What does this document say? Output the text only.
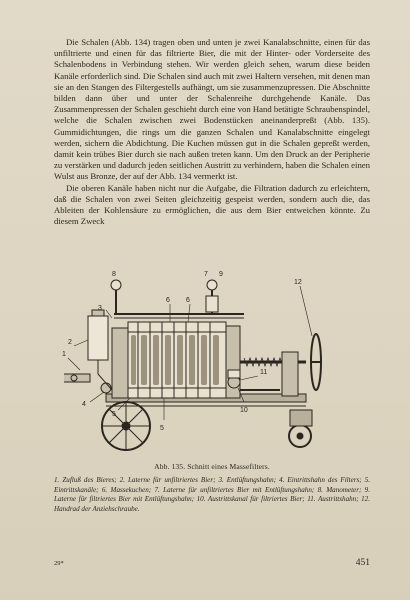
Die Schalen (Abb. 134) tragen oben und unten je zwei Kanalabschnitte, einen für das unfiltrierte und einen für das filtrierte Bier, die mit der Hinter- oder Vorderseite des Schalenbodens in Verbindung stehen. Wir werden gleich sehen, warum diese beiden Kanäle erforderlich sind. Die Schalen sind auch mit zwei Haltern versehen, mit denen man sie an den Stangen des Filtergestells aufhängt, um sie zusammenzupressen. Die Abschnitte bilden dann über und unter der Schalenreihe durchgehende Kanäle. Das Zusammenpressen der Schalen geschieht durch eine von Hand betätigte Schraubenspindel, welche die Schalen zwischen zwei Bodenstücken aneinanderpreßt (Abb. 135). Gummidichtungen, die rings um die ganzen Schalen und Kanalabschnitte eingelegt werden, sichern die Abdichtung. Die Kuchen müssen gut in die Schalen gepreßt werden, damit kein trübes Bier durch sie nach außen treten kann. Um den Druck an der Peripherie zu verstärken und dadurch jeden seitlichen Austritt zu verhindern, haben die Schalen einen Wulst aus Bronze, der auf der Abb. 134 vermerkt ist.

Die oberen Kanäle haben nicht nur die Aufgabe, die Filtration dadurch zu erleichtern, daß die Schalen von zwei Seiten gleichzeitig gespeist werden, sondern auch die, das Ableiten der Kohlensäure zu ermöglichen, die aus dem Bier entweichen könnte. Zu diesem Zweck

1
2
3
4
5
6
7
8	9
10
11
12
5
6
Abb. 135. Schnitt eines Massefilters.
1. Zufluß des Bieres; 2. Laterne für unfiltriertes Bier; 3. Entlüftungshahn; 4. Eintrittshahn des Filters; 5. Eintrittskanäle; 6. Massekuchen; 7. Laterne für unfiltriertes Bier mit Entlüftungshahn; 8. Manometer; 9. Laterne für filtriertes Bier mit Entlüftungshahn; 10. Austrittskanal für filtriertes Bier; 11. Austrittshahn; 12. Handrad der Anziehschraube.
29*	451
